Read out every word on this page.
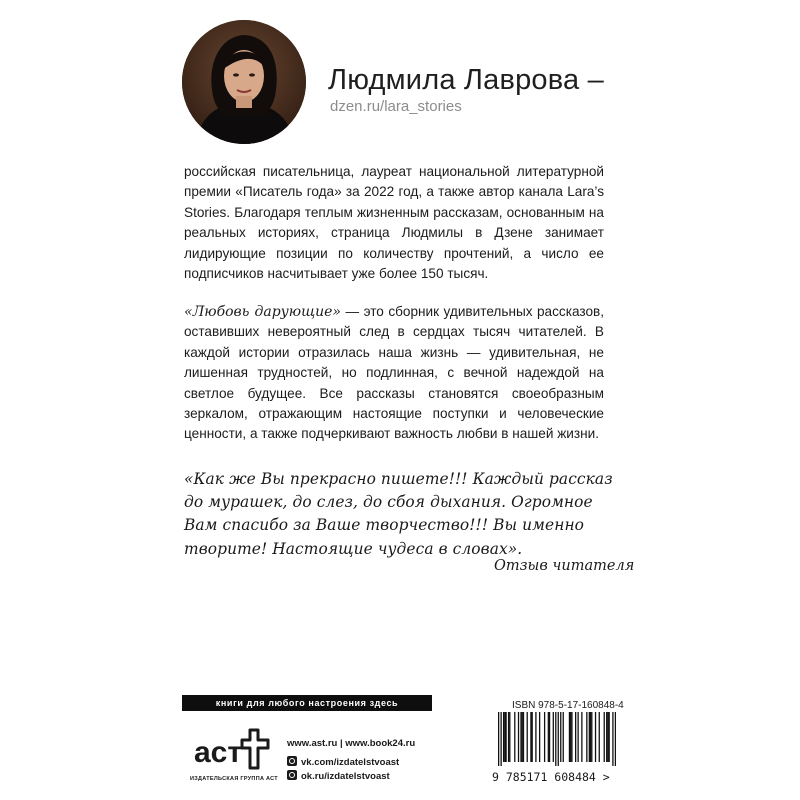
Людмила Лаврова –
dzen.ru/lara_stories

российская писательница, лауреат национальной литературной премии «Писатель года» за 2022 год, а также автор канала Lara’s Stories. Благодаря теплым жизненным рассказам, основанным на реальных историях, страница Людмилы в Дзене занимает лидирующие позиции по количеству прочтений, а число ее подписчиков насчитывает уже более 150 тысяч.

«Любовь дарующие» — это сборник удивительных рассказов, оставивших невероятный след в сердцах тысяч читателей. В каждой истории отразилась наша жизнь — удивительная, не лишенная трудностей, но подлинная, с вечной надеждой на светлое будущее. Все рассказы становятся своеобразным зеркалом, отражающим настоящие поступки и человеческие ценности, а также подчеркивают важность любви в нашей жизни.

«Как же Вы прекрасно пишете!!! Каждый рассказ до мурашек, до слез, до сбоя дыхания. Огромное Вам спасибо за Ваше творчество!!! Вы именно творите! Настоящие чудеса в словах».

Отзыв читателя
книги для любого настроения здесь
аст
ИЗДАТЕЛЬСКАЯ ГРУППА АСТ
www.ast.ru | www.book24.ru
vk.com/izdatelstvoast
ok.ru/izdatelstvoast
ISBN 978-5-17-160848-4
9 785171 608484 >
